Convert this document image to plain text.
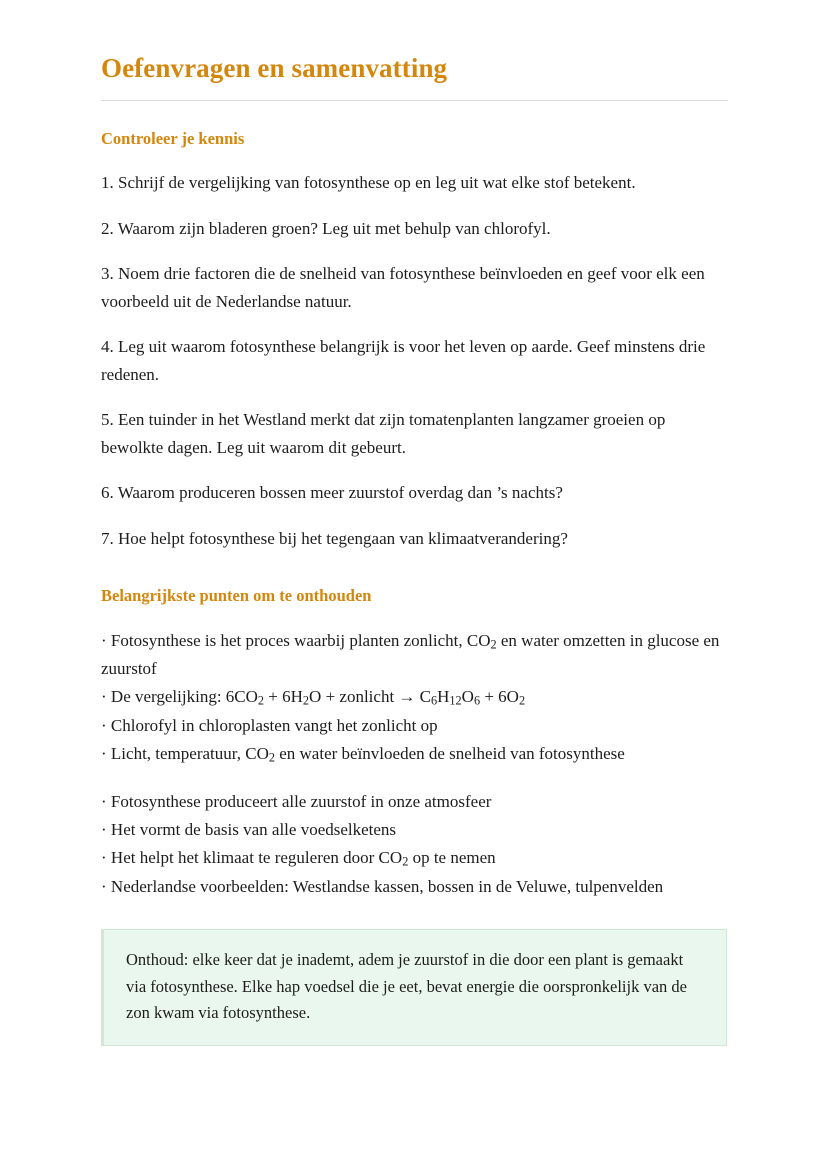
Oefenvragen en samenvatting
Controleer je kennis

1. Schrijf de vergelijking van fotosynthese op en leg uit wat elke stof betekent.

2. Waarom zijn bladeren groen? Leg uit met behulp van chlorofyl.

3. Noem drie factoren die de snelheid van fotosynthese beïnvloeden en geef voor elk een voorbeeld uit de Nederlandse natuur.

4. Leg uit waarom fotosynthese belangrijk is voor het leven op aarde. Geef minstens drie redenen.

5. Een tuinder in het Westland merkt dat zijn tomatenplanten langzamer groeien op bewolkte dagen. Leg uit waarom dit gebeurt.

6. Waarom produceren bossen meer zuurstof overdag dan ’s nachts?

7. Hoe helpt fotosynthese bij het tegengaan van klimaatverandering?

Belangrijkste punten om te onthouden

· Fotosynthese is het proces waarbij planten zonlicht, $CO_2$ en water omzetten in glucose en zuurstof

· De vergelijking: $6CO_2 + 6H_2O$ + zonlicht → $C_6H_{12}O_6 + 6O_2$

· Chlorofyl in chloroplasten vangt het zonlicht op

· Licht, temperatuur, $CO_2$ en water beïnvloeden de snelheid van fotosynthese

· Fotosynthese produceert alle zuurstof in onze atmosfeer

· Het vormt de basis van alle voedselketens

· Het helpt het klimaat te reguleren door $CO_2$ op te nemen

· Nederlandse voorbeelden: Westlandse kassen, bossen in de Veluwe, tulpenvelden

Onthoud: elke keer dat je inademt, adem je zuurstof in die door een plant is gemaakt via fotosynthese. Elke hap voedsel die je eet, bevat energie die oorspronkelijk van de zon kwam via fotosynthese.
